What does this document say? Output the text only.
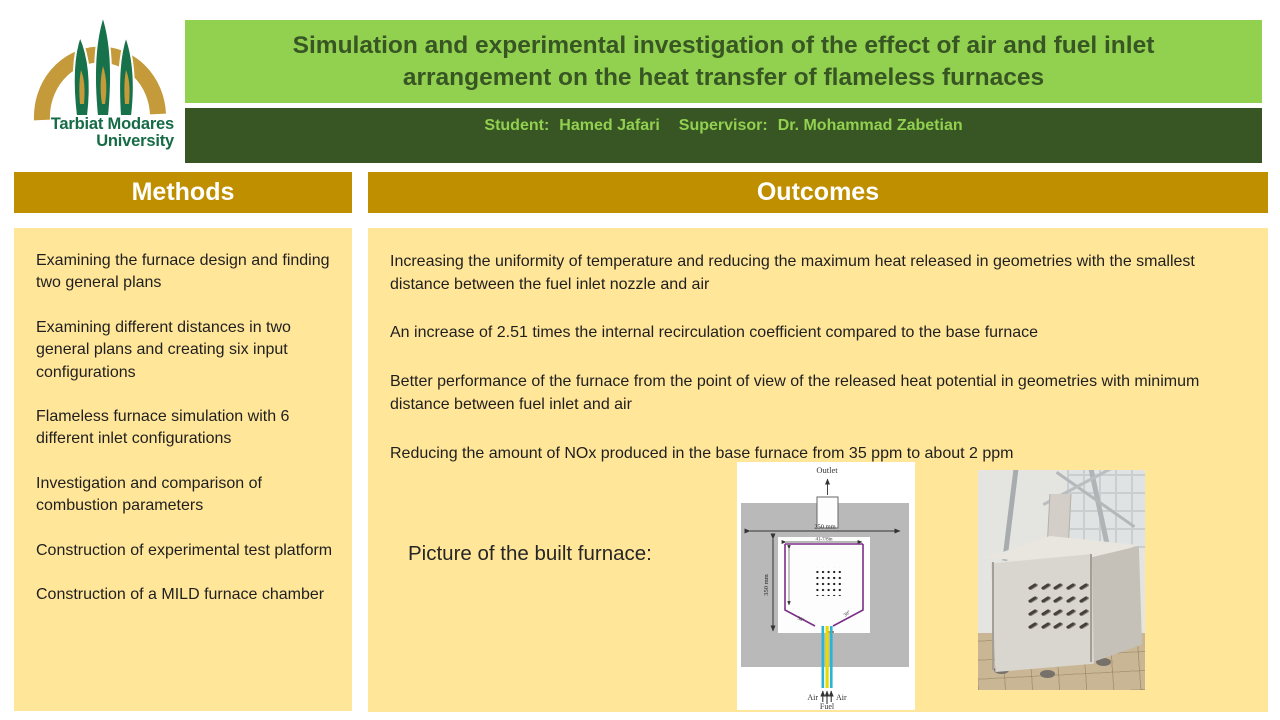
Tarbiat Modares
University
Simulation and experimental investigation of the effect of air and fuel inlet arrangement on the heat transfer of flameless furnaces
Student: Hamed Jafari Supervisor: Dr. Mohammad Zabetian
Methods	Outcomes
Examining the furnace design and finding two general plans
Examining different distances in two general plans and creating six input configurations
Flameless furnace simulation with 6 different inlet configurations
Investigation and comparison of combustion parameters
Construction of experimental test platform
Construction of a MILD furnace chamber
Increasing the uniformity of temperature and reducing the maximum heat released in geometries with the smallest distance between the fuel inlet nozzle and air
An increase of 2.51 times the internal recirculation coefficient compared to the base furnace
Better performance of the furnace from the point of view of the released heat potential in geometries with minimum distance between fuel inlet and air
Reducing the amount of NOx produced in the base furnace from 35 ppm to about 2 ppm
Picture of the built furnace:
Outlet
250 mm
41-7/8in
350 mm
38°
30°
Air Air
Fuel
